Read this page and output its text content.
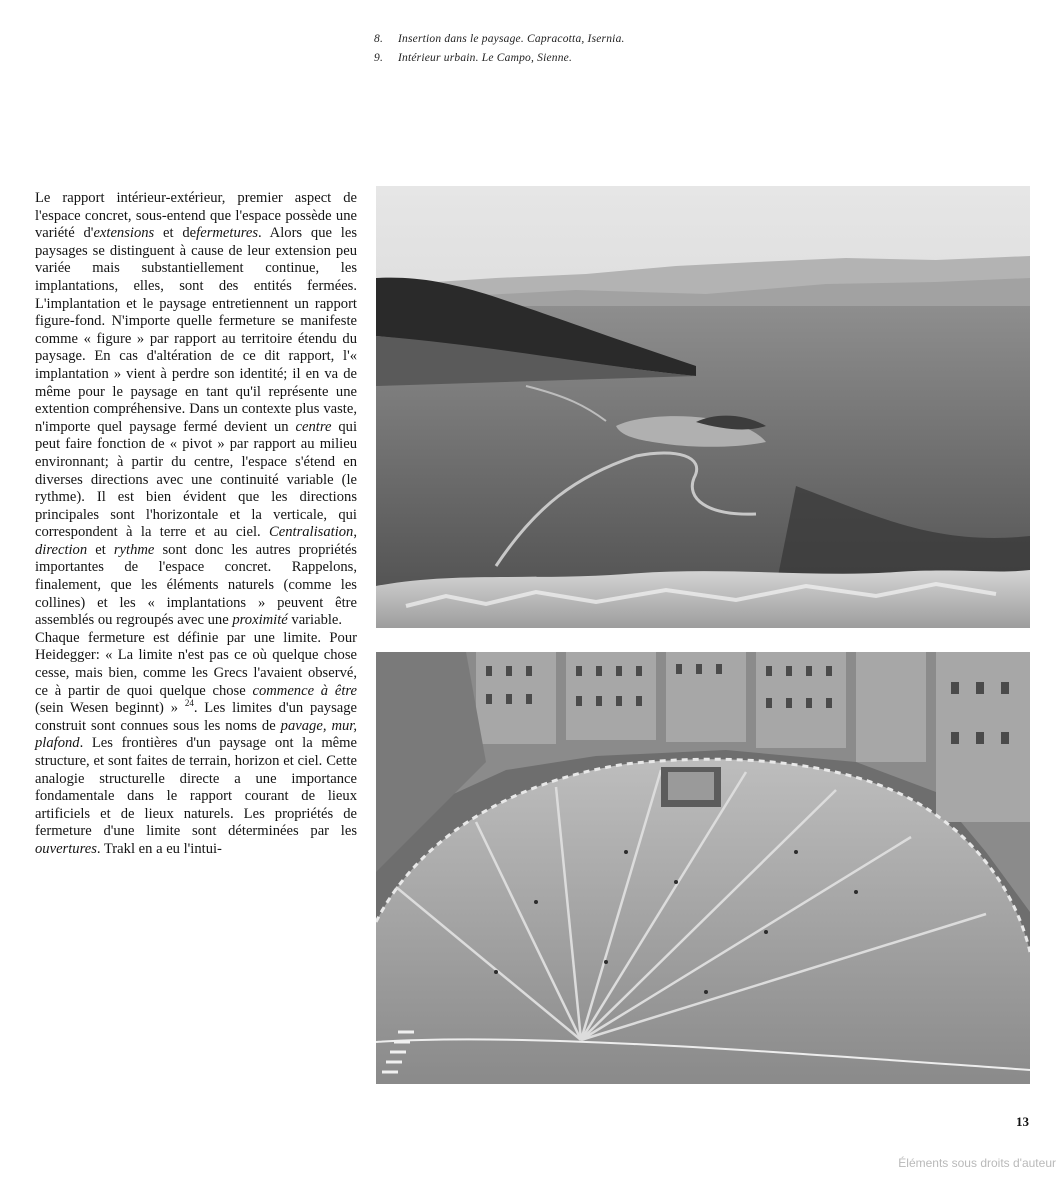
8. Insertion dans le paysage. Capracotta, Isernia.
9. Intérieur urbain. Le Campo, Sienne.
Le rapport intérieur-extérieur, premier aspect de l'espace concret, sous-entend que l'espace possède une variété d'extensions et defermetures. Alors que les paysages se distinguent à cause de leur extension peu variée mais substantiellement continue, les implantations, elles, sont des entités fermées. L'implantation et le paysage entretiennent un rapport figure-fond. N'importe quelle fermeture se manifeste comme « figure » par rapport au territoire étendu du paysage. En cas d'altération de ce dit rapport, l'« implantation » vient à perdre son identité; il en va de même pour le paysage en tant qu'il représente une extention compréhensive. Dans un contexte plus vaste, n'importe quel paysage fermé devient un centre qui peut faire fonction de « pivot » par rapport au milieu environnant; à partir du centre, l'espace s'étend en diverses directions avec une continuité variable (le rythme). Il est bien évident que les directions principales sont l'horizontale et la verticale, qui correspondent à la terre et au ciel. Centralisation, direction et rythme sont donc les autres propriétés importantes de l'espace concret. Rappelons, finalement, que les éléments naturels (comme les collines) et les « implantations » peuvent être assemblés ou regroupés avec une proximité variable.
Chaque fermeture est définie par une limite. Pour Heidegger: « La limite n'est pas ce où quelque chose cesse, mais bien, comme les Grecs l'avaient observé, ce à partir de quoi quelque chose commence à être (sein Wesen beginnt) » $^{24}$. Les limites d'un paysage construit sont connues sous les noms de pavage, mur, plafond. Les frontières d'un paysage ont la même structure, et sont faites de terrain, horizon et ciel. Cette analogie structurelle directe a une importance fondamentale dans le rapport courant de lieux artificiels et de lieux naturels. Les propriétés de fermeture d'une limite sont déterminées par les ouvertures. Trakl en a eu l'intui-
13
Éléments sous droits d'auteur
